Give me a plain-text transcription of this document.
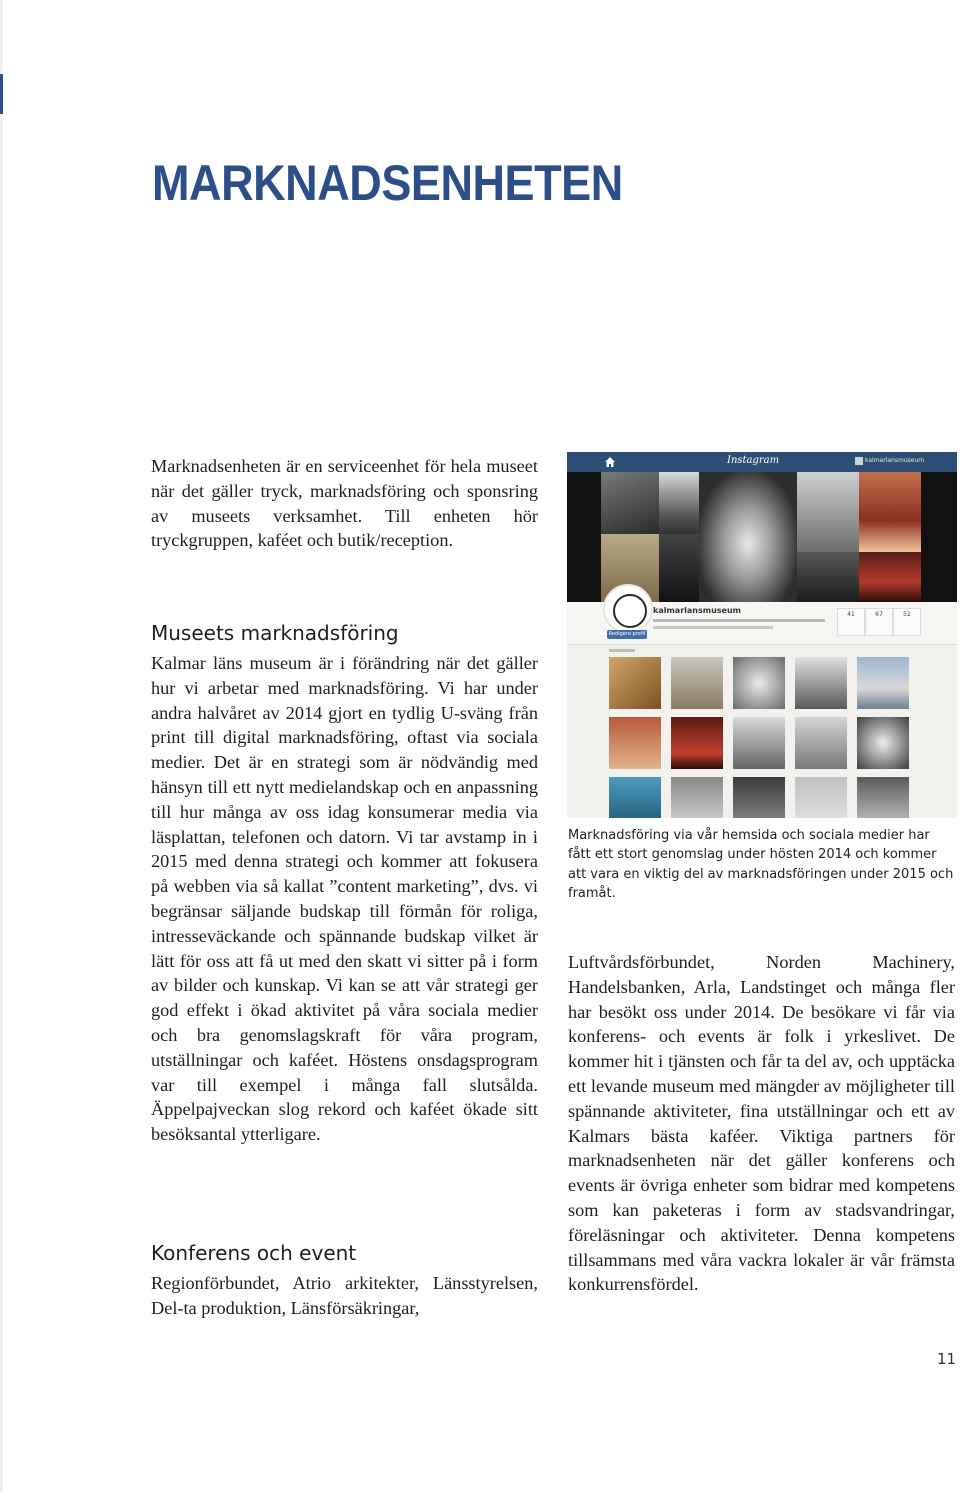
MARKNADSENHETEN

Marknadsenheten är en serviceenhet för hela museet när det gäller tryck, marknadsföring och sponsring av museets verksamhet. Till enheten hör tryckgruppen, kaféet och butik/reception.

Museets marknadsföring

Kalmar läns museum är i förändring när det gäller hur vi arbetar med marknadsföring. Vi har under andra halvåret av 2014 gjort en tydlig U-sväng från print till digital marknadsföring, oftast via sociala medier. Det är en strategi som är nödvändig med hänsyn till ett nytt medielandskap och en anpassning till hur många av oss idag konsumerar media via läsplattan, telefonen och datorn. Vi tar avstamp in i 2015 med denna strategi och kommer att fokusera på webben via så kallat ”content marketing”, dvs. vi begränsar säljande budskap till förmån för roliga, intresseväckande och spännande budskap vilket är lätt för oss att få ut med den skatt vi sitter på i form av bilder och kunskap. Vi kan se att vår strategi ger god effekt i ökad aktivitet på våra sociala medier och bra genomslagskraft för våra program, utställningar och kaféet. Höstens onsdagsprogram var till exempel i många fall slutsålda. Äppelpajveckan slog rekord och kaféet ökade sitt besöksantal ytterligare.

Konferens och event

Regionförbundet, Atrio arkitekter, Länsstyrelsen, Del-ta produktion, Länsförsäkringar,

Instagram	kalmarlansmuseum
Redigera profil
kalmarlansmuseum	41	67	52
Marknadsföring via vår hemsida och sociala medier har fått ett stort genomslag under hösten 2014 och kommer att vara en viktig del av marknadsföringen under 2015 och framåt.

Luftvårdsförbundet, Norden Machinery, Handelsbanken, Arla, Landstinget och många fler har besökt oss under 2014. De besökare vi får via konferens- och events är folk i yrkeslivet. De kommer hit i tjänsten och får ta del av, och upptäcka ett levande museum med mängder av möjligheter till spännande aktiviteter, fina utställningar och ett av Kalmars bästa kaféer. Viktiga partners för marknadsenheten när det gäller konferens och events är övriga enheter som bidrar med kompetens som kan paketeras i form av stadsvandringar, föreläsningar och aktiviteter. Denna kompetens tillsammans med våra vackra lokaler är vår främsta konkurrensfördel.

11
